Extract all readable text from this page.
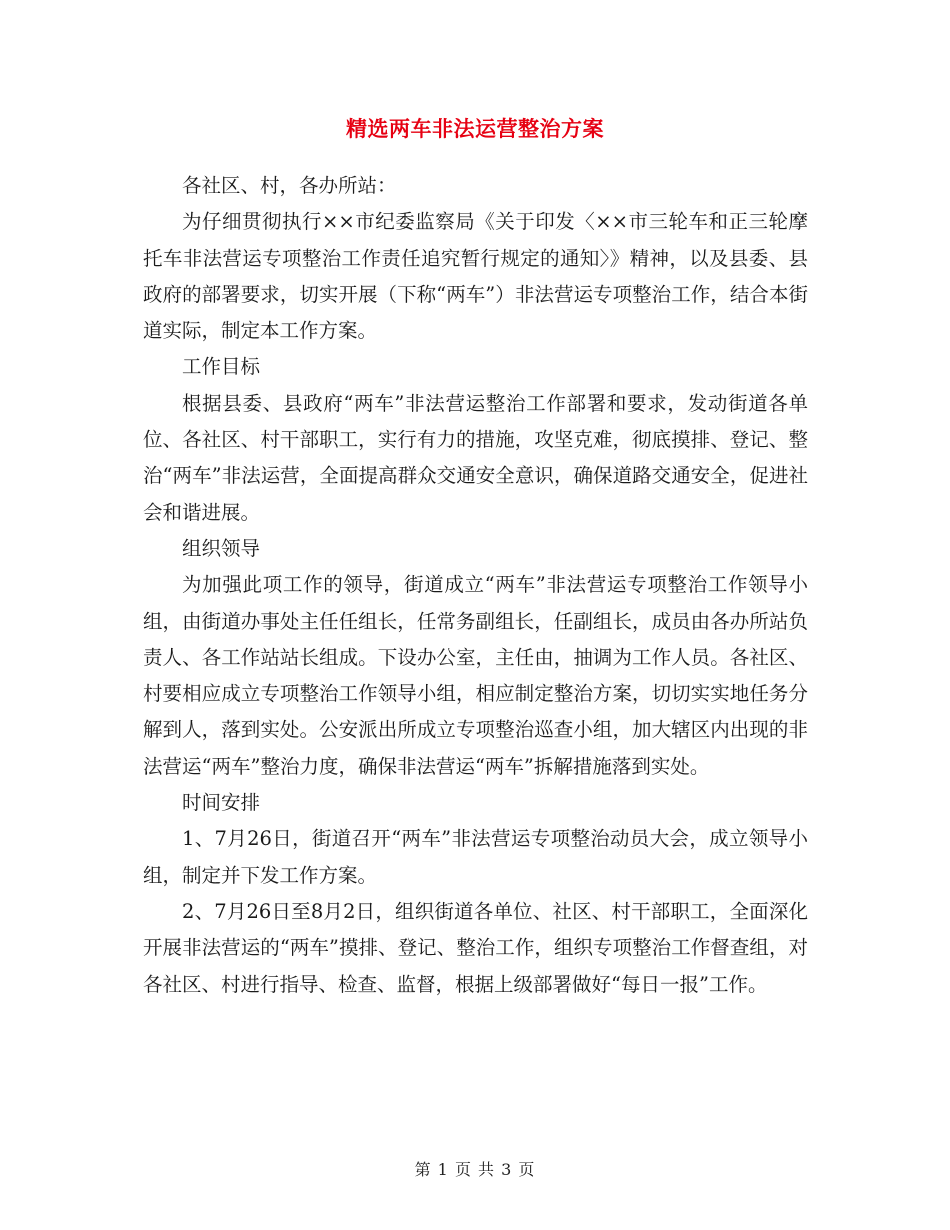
精选两车非法运营整治方案

各社区、村，各办所站：

为仔细贯彻执行××市纪委监察局《关于印发〈××市三轮车和正三轮摩托车非法营运专项整治工作责任追究暂行规定的通知〉》精神，以及县委、县政府的部署要求，切实开展（下称“两车”）非法营运专项整治工作，结合本街道实际，制定本工作方案。

工作目标

根据县委、县政府“两车”非法营运整治工作部署和要求，发动街道各单位、各社区、村干部职工，实行有力的措施，攻坚克难，彻底摸排、登记、整治“两车”非法运营，全面提高群众交通安全意识，确保道路交通安全，促进社会和谐进展。

组织领导

为加强此项工作的领导，街道成立“两车”非法营运专项整治工作领导小组，由街道办事处主任任组长，任常务副组长，任副组长，成员由各办所站负责人、各工作站站长组成。下设办公室，主任由，抽调为工作人员。各社区、村要相应成立专项整治工作领导小组，相应制定整治方案，切切实实地任务分解到人，落到实处。公安派出所成立专项整治巡查小组，加大辖区内出现的非法营运“两车”整治力度，确保非法营运“两车”拆解措施落到实处。

时间安排

1、7月26日，街道召开“两车”非法营运专项整治动员大会，成立领导小组，制定并下发工作方案。

2、7月26日至8月2日，组织街道各单位、社区、村干部职工，全面深化开展非法营运的“两车”摸排、登记、整治工作，组织专项整治工作督查组，对各社区、村进行指导、检查、监督，根据上级部署做好“每日一报”工作。

第 1 页 共 3 页
